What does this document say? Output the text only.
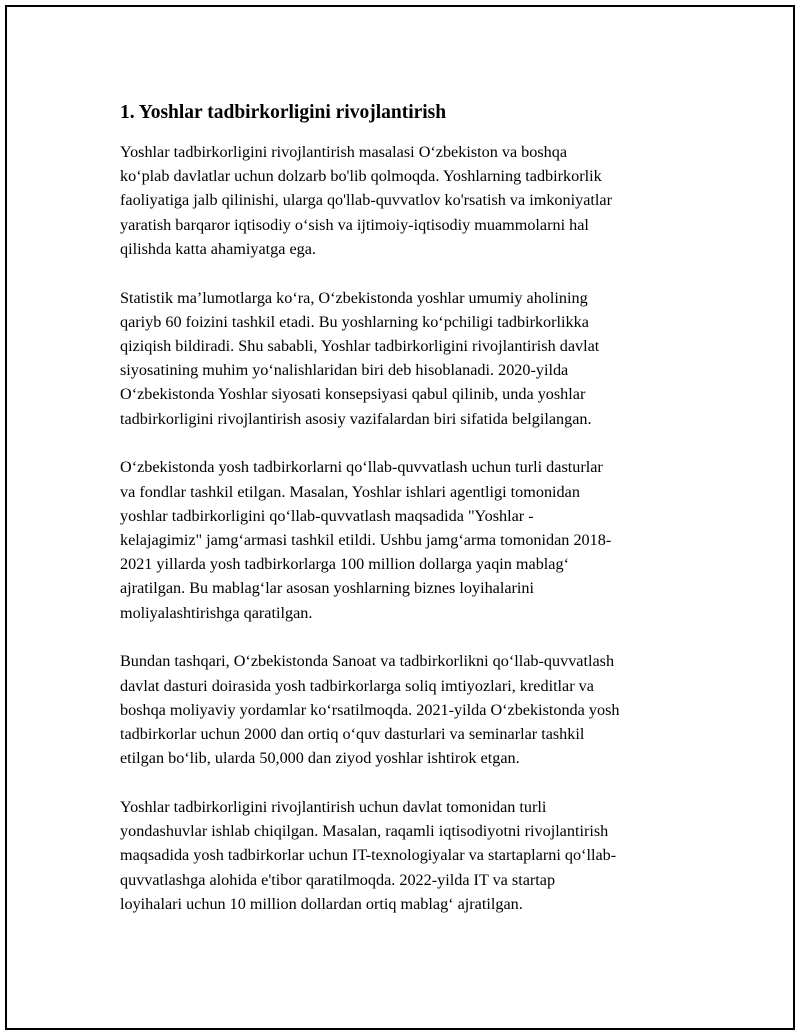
1. Yoshlar tadbirkorligini rivojlantirish
Yoshlar tadbirkorligini rivojlantirish masalasi O‘zbekiston va boshqa
ko‘plab davlatlar uchun dolzarb bo'lib qolmoqda. Yoshlarning tadbirkorlik
faoliyatiga jalb qilinishi, ularga qo'llab-quvvatlov ko'rsatish va imkoniyatlar
yaratish barqaror iqtisodiy o‘sish va ijtimoiy-iqtisodiy muammolarni hal
qilishda katta ahamiyatga ega.
Statistik ma’lumotlarga ko‘ra, O‘zbekistonda yoshlar umumiy aholining
qariyb 60 foizini tashkil etadi. Bu yoshlarning ko‘pchiligi tadbirkorlikka
qiziqish bildiradi. Shu sababli, Yoshlar tadbirkorligini rivojlantirish davlat
siyosatining muhim yo‘nalishlaridan biri deb hisoblanadi. 2020-yilda
O‘zbekistonda Yoshlar siyosati konsepsiyasi qabul qilinib, unda yoshlar
tadbirkorligini rivojlantirish asosiy vazifalardan biri sifatida belgilangan.
O‘zbekistonda yosh tadbirkorlarni qo‘llab-quvvatlash uchun turli dasturlar
va fondlar tashkil etilgan. Masalan, Yoshlar ishlari agentligi tomonidan
yoshlar tadbirkorligini qo‘llab-quvvatlash maqsadida "Yoshlar -
kelajagimiz" jamg‘armasi tashkil etildi. Ushbu jamg‘arma tomonidan 2018-
2021 yillarda yosh tadbirkorlarga 100 million dollarga yaqin mablag‘
ajratilgan. Bu mablag‘lar asosan yoshlarning biznes loyihalarini
moliyalashtirishga qaratilgan.
Bundan tashqari, O‘zbekistonda Sanoat va tadbirkorlikni qo‘llab-quvvatlash
davlat dasturi doirasida yosh tadbirkorlarga soliq imtiyozlari, kreditlar va
boshqa moliyaviy yordamlar ko‘rsatilmoqda. 2021-yilda O‘zbekistonda yosh
tadbirkorlar uchun 2000 dan ortiq o‘quv dasturlari va seminarlar tashkil
etilgan bo‘lib, ularda 50,000 dan ziyod yoshlar ishtirok etgan.
Yoshlar tadbirkorligini rivojlantirish uchun davlat tomonidan turli
yondashuvlar ishlab chiqilgan. Masalan, raqamli iqtisodiyotni rivojlantirish
maqsadida yosh tadbirkorlar uchun IT-texnologiyalar va startaplarni qo‘llab-
quvvatlashga alohida e'tibor qaratilmoqda. 2022-yilda IT va startap
loyihalari uchun 10 million dollardan ortiq mablag‘ ajratilgan.
